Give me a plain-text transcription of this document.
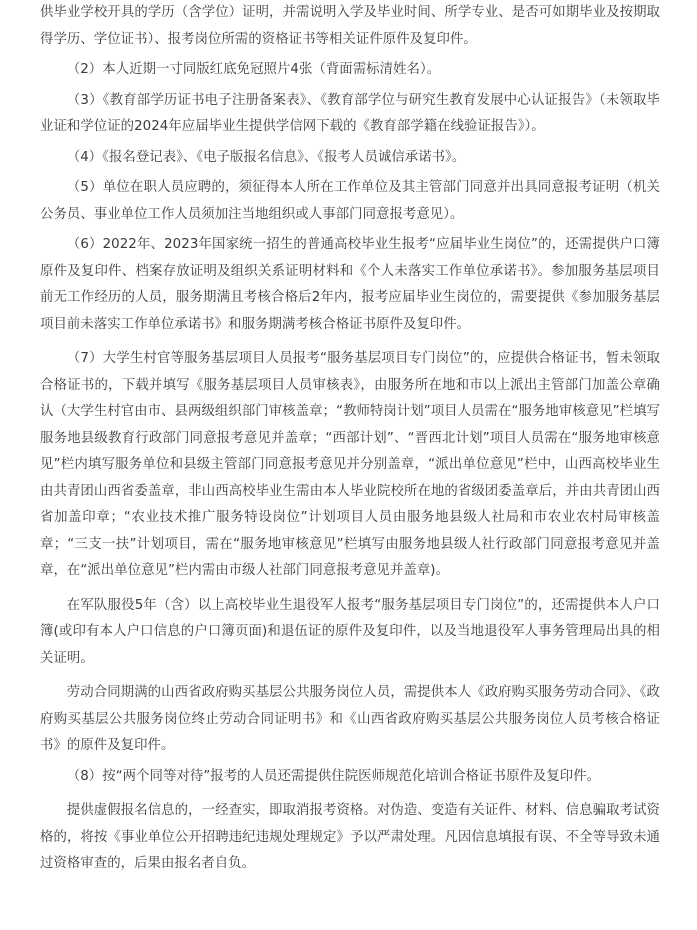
供毕业学校开具的学历（含学位）证明，并需说明入学及毕业时间、所学专业、是否可如期毕业及按期取得学历、学位证书）、报考岗位所需的资格证书等相关证件原件及复印件。

（2）本人近期一寸同版红底免冠照片4张（背面需标清姓名）。

（3）《教育部学历证书电子注册备案表》、《教育部学位与研究生教育发展中心认证报告》（未领取毕业证和学位证的2024年应届毕业生提供学信网下载的《教育部学籍在线验证报告》）。

（4）《报名登记表》、《电子版报名信息》、《报考人员诚信承诺书》。

（5）单位在职人员应聘的，须征得本人所在工作单位及其主管部门同意并出具同意报考证明（机关公务员、事业单位工作人员须加注当地组织或人事部门同意报考意见）。

（6）2022年、2023年国家统一招生的普通高校毕业生报考“应届毕业生岗位”的，还需提供户口簿原件及复印件、档案存放证明及组织关系证明材料和《个人未落实工作单位承诺书》。参加服务基层项目前无工作经历的人员，服务期满且考核合格后2年内，报考应届毕业生岗位的，需要提供《参加服务基层项目前未落实工作单位承诺书》和服务期满考核合格证书原件及复印件。

（7）大学生村官等服务基层项目人员报考“服务基层项目专门岗位”的，应提供合格证书，暂未领取合格证书的，下载并填写《服务基层项目人员审核表》，由服务所在地和市以上派出主管部门加盖公章确认（大学生村官由市、县两级组织部门审核盖章；“教师特岗计划”项目人员需在“服务地审核意见”栏填写服务地县级教育行政部门同意报考意见并盖章；“西部计划”、“晋西北计划”项目人员需在“服务地审核意见”栏内填写服务单位和县级主管部门同意报考意见并分别盖章，“派出单位意见”栏中，山西高校毕业生由共青团山西省委盖章，非山西高校毕业生需由本人毕业院校所在地的省级团委盖章后，并由共青团山西省加盖印章；“农业技术推广服务特设岗位”计划项目人员由服务地县级人社局和市农业农村局审核盖章；“三支一扶”计划项目，需在“服务地审核意见”栏填写由服务地县级人社行政部门同意报考意见并盖章，在“派出单位意见”栏内需由市级人社部门同意报考意见并盖章)。

在军队服役5年（含）以上高校毕业生退役军人报考“服务基层项目专门岗位”的，还需提供本人户口簿(或印有本人户口信息的户口簿页面)和退伍证的原件及复印件，以及当地退役军人事务管理局出具的相关证明。

劳动合同期满的山西省政府购买基层公共服务岗位人员，需提供本人《政府购买服务劳动合同》、《政府购买基层公共服务岗位终止劳动合同证明书》和《山西省政府购买基层公共服务岗位人员考核合格证书》的原件及复印件。

（8）按“两个同等对待”报考的人员还需提供住院医师规范化培训合格证书原件及复印件。

提供虚假报名信息的，一经查实，即取消报考资格。对伪造、变造有关证件、材料、信息骗取考试资格的，将按《事业单位公开招聘违纪违规处理规定》予以严肃处理。凡因信息填报有误、不全等导致未通过资格审查的，后果由报名者自负。
